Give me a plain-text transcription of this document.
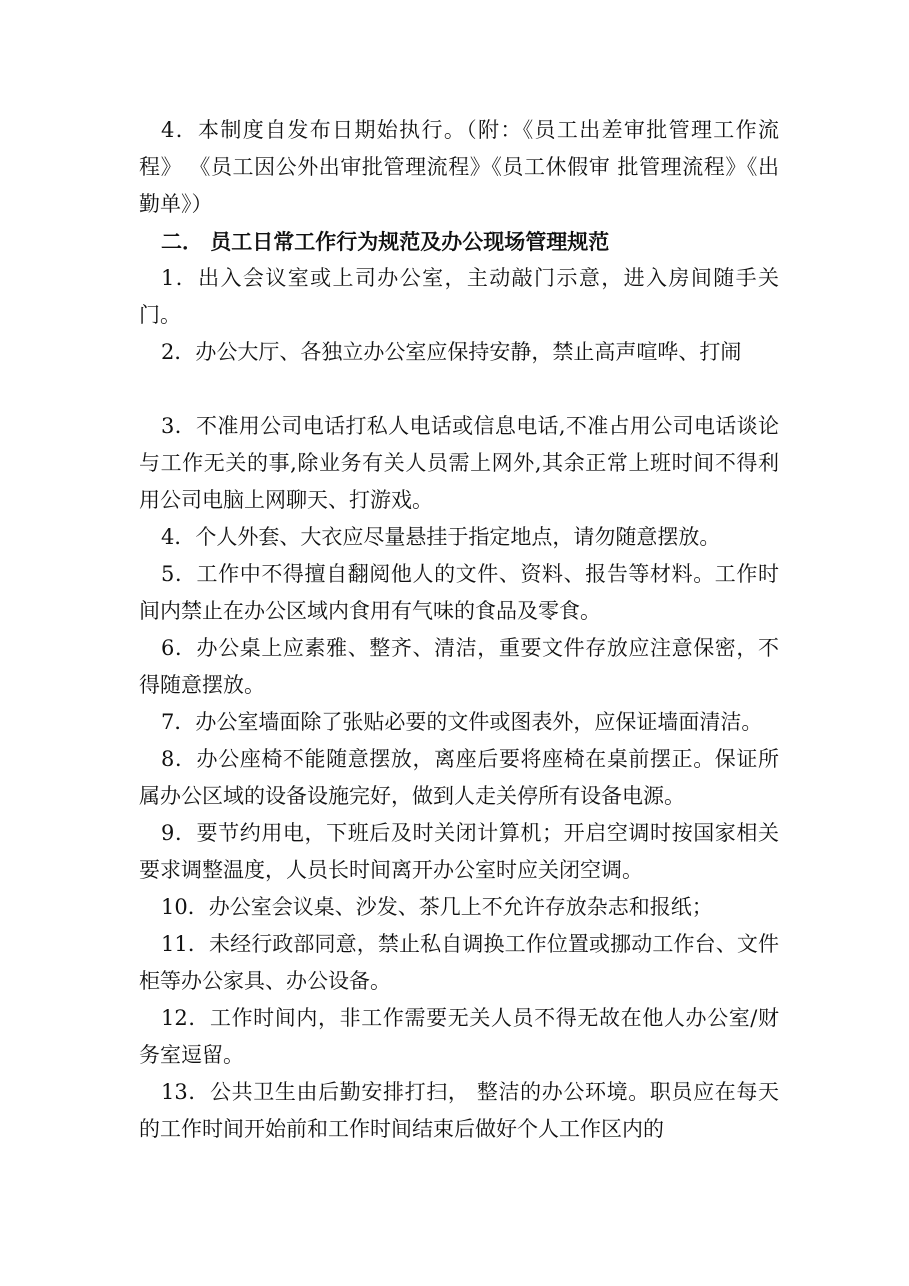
4．本制度自发布日期始执行。（附：《员工出差审批管理工作流程》 《员工因公外出审批管理流程》《员工休假审 批管理流程》《出勤单》）

二． 员工日常工作行为规范及办公现场管理规范

1．出入会议室或上司办公室，主动敲门示意，进入房间随手关门。

2．办公大厅、各独立办公室应保持安静，禁止高声喧哗、打闹

3．不准用公司电话打私人电话或信息电话,不准占用公司电话谈论与工作无关的事,除业务有关人员需上网外,其余正常上班时间不得利用公司电脑上网聊天、打游戏。

4．个人外套、大衣应尽量悬挂于指定地点，请勿随意摆放。

5．工作中不得擅自翻阅他人的文件、资料、报告等材料。工作时间内禁止在办公区域内食用有气味的食品及零食。

6．办公桌上应素雅、整齐、清洁，重要文件存放应注意保密，不得随意摆放。

7．办公室墙面除了张贴必要的文件或图表外，应保证墙面清洁。

8．办公座椅不能随意摆放，离座后要将座椅在桌前摆正。保证所属办公区域的设备设施完好，做到人走关停所有设备电源。

9．要节约用电，下班后及时关闭计算机；开启空调时按国家相关要求调整温度，人员长时间离开办公室时应关闭空调。

10．办公室会议桌、沙发、茶几上不允许存放杂志和报纸；

11．未经行政部同意，禁止私自调换工作位置或挪动工作台、文件柜等办公家具、办公设备。

12．工作时间内，非工作需要无关人员不得无故在他人办公室/财务室逗留。

13．公共卫生由后勤安排打扫， 整洁的办公环境。职员应在每天的工作时间开始前和工作时间结束后做好个人工作区内的
